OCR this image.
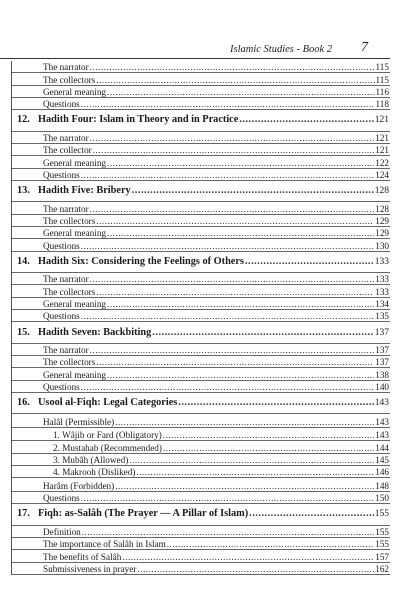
Islamic Studies - Book 2 7
The narrator .....	115
The collectors .....	115
General meaning .....	116
Questions .....	118
12. Hadith Four: Islam in Theory and in Practice .....	121
The narrator .....	121
The collector .....	121
General meaning .....	122
Questions .....	124
13. Hadith Five: Bribery .....	128
The narrator .....	128
The collectors .....	129
General meaning .....	129
Questions .....	130
14. Hadith Six: Considering the Feelings of Others .....	133
The narrator .....	133
The collectors .....	133
General meaning .....	134
Questions .....	135
15. Hadith Seven: Backbiting .....	137
The narrator .....	137
The collectors .....	137
General meaning .....	138
Questions .....	140
16. Usool al-Fiqh: Legal Categories .....	143
Halâl (Permissible) .....	143
1. Wâjib or Fard (Obligatory) .....	143
2. Mustahab (Recommended) .....	144
3. Mubâh (Allowed) .....	145
4. Makrooh (Disliked) .....	146
Harâm (Forbidden) .....	148
Questions .....	150
17. Fiqh: as-Salâh (The Prayer — A Pillar of Islam) .....	155
Definition .....	155
The importance of Salâh in Islam .....	155
The benefits of Salâh .....	157
Submissiveness in prayer .....	162
